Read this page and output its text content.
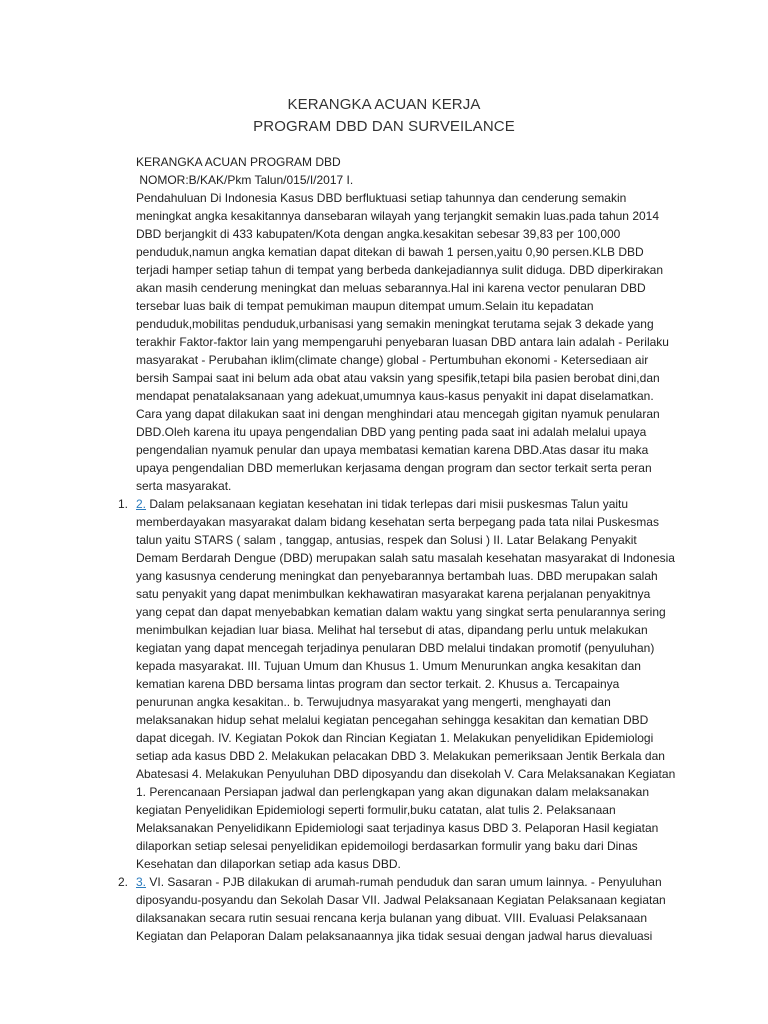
KERANGKA ACUAN KERJA
PROGRAM DBD DAN SURVEILANCE

KERANGKA ACUAN PROGRAM DBD

NOMOR:B/KAK/Pkm Talun/015/I/2017 I.

Pendahuluan Di Indonesia Kasus DBD berfluktuasi setiap tahunnya dan cenderung semakin meningkat angka kesakitannya dansebaran wilayah yang terjangkit semakin luas.pada tahun 2014 DBD berjangkit di 433 kabupaten/Kota dengan angka.kesakitan sebesar 39,83 per 100,000 penduduk,namun angka kematian dapat ditekan di bawah 1 persen,yaitu 0,90 persen.KLB DBD terjadi hamper setiap tahun di tempat yang berbeda dankejadiannya sulit diduga. DBD diperkirakan akan masih cenderung meningkat dan meluas sebarannya.Hal ini karena vector penularan DBD tersebar luas baik di tempat pemukiman maupun ditempat umum.Selain itu kepadatan penduduk,mobilitas penduduk,urbanisasi yang semakin meningkat terutama sejak 3 dekade yang terakhir Faktor-faktor lain yang mempengaruhi penyebaran luasan DBD antara lain adalah - Perilaku masyarakat - Perubahan iklim(climate change) global - Pertumbuhan ekonomi - Ketersediaan air bersih Sampai saat ini belum ada obat atau vaksin yang spesifik,tetapi bila pasien berobat dini,dan mendapat penatalaksanaan yang adekuat,umumnya kaus-kasus penyakit ini dapat diselamatkan. Cara yang dapat dilakukan saat ini dengan menghindari atau mencegah gigitan nyamuk penularan DBD.Oleh karena itu upaya pengendalian DBD yang penting pada saat ini adalah melalui upaya pengendalian nyamuk penular dan upaya membatasi kematian karena DBD.Atas dasar itu maka upaya pengendalian DBD memerlukan kerjasama dengan program dan sector terkait serta peran serta masyarakat.

1. 2. Dalam pelaksanaan kegiatan kesehatan ini tidak terlepas dari misii puskesmas Talun yaitu memberdayakan masyarakat dalam bidang kesehatan serta berpegang pada tata nilai Puskesmas talun yaitu STARS ( salam , tanggap, antusias, respek dan Solusi ) II. Latar Belakang Penyakit Demam Berdarah Dengue (DBD) merupakan salah satu masalah kesehatan masyarakat di Indonesia yang kasusnya cenderung meningkat dan penyebarannya bertambah luas. DBD merupakan salah satu penyakit yang dapat menimbulkan kekhawatiran masyarakat karena perjalanan penyakitnya yang cepat dan dapat menyebabkan kematian dalam waktu yang singkat serta penularannya sering menimbulkan kejadian luar biasa. Melihat hal tersebut di atas, dipandang perlu untuk melakukan kegiatan yang dapat mencegah terjadinya penularan DBD melalui tindakan promotif (penyuluhan) kepada masyarakat. III. Tujuan Umum dan Khusus 1. Umum Menurunkan angka kesakitan dan kematian karena DBD bersama lintas program dan sector terkait. 2. Khusus a. Tercapainya penurunan angka kesakitan.. b. Terwujudnya masyarakat yang mengerti, menghayati dan melaksanakan hidup sehat melalui kegiatan pencegahan sehingga kesakitan dan kematian DBD dapat dicegah. IV. Kegiatan Pokok dan Rincian Kegiatan 1. Melakukan penyelidikan Epidemiologi setiap ada kasus DBD 2. Melakukan pelacakan DBD 3. Melakukan pemeriksaan Jentik Berkala dan Abatesasi 4. Melakukan Penyuluhan DBD diposyandu dan disekolah V. Cara Melaksanakan Kegiatan 1. Perencanaan Persiapan jadwal dan perlengkapan yang akan digunakan dalam melaksanakan kegiatan Penyelidikan Epidemiologi seperti formulir,buku catatan, alat tulis 2. Pelaksanaan Melaksanakan Penyelidikann Epidemiologi saat terjadinya kasus DBD 3. Pelaporan Hasil kegiatan dilaporkan setiap selesai penyelidikan epidemoilogi berdasarkan formulir yang baku dari Dinas Kesehatan dan dilaporkan setiap ada kasus DBD.
2. 3. VI. Sasaran - PJB dilakukan di arumah-rumah penduduk dan saran umum lainnya. - Penyuluhan diposyandu-posyandu dan Sekolah Dasar VII. Jadwal Pelaksanaan Kegiatan Pelaksanaan kegiatan dilaksanakan secara rutin sesuai rencana kerja bulanan yang dibuat. VIII. Evaluasi Pelaksanaan Kegiatan dan Pelaporan Dalam pelaksanaannya jika tidak sesuai dengan jadwal harus dievaluasi
